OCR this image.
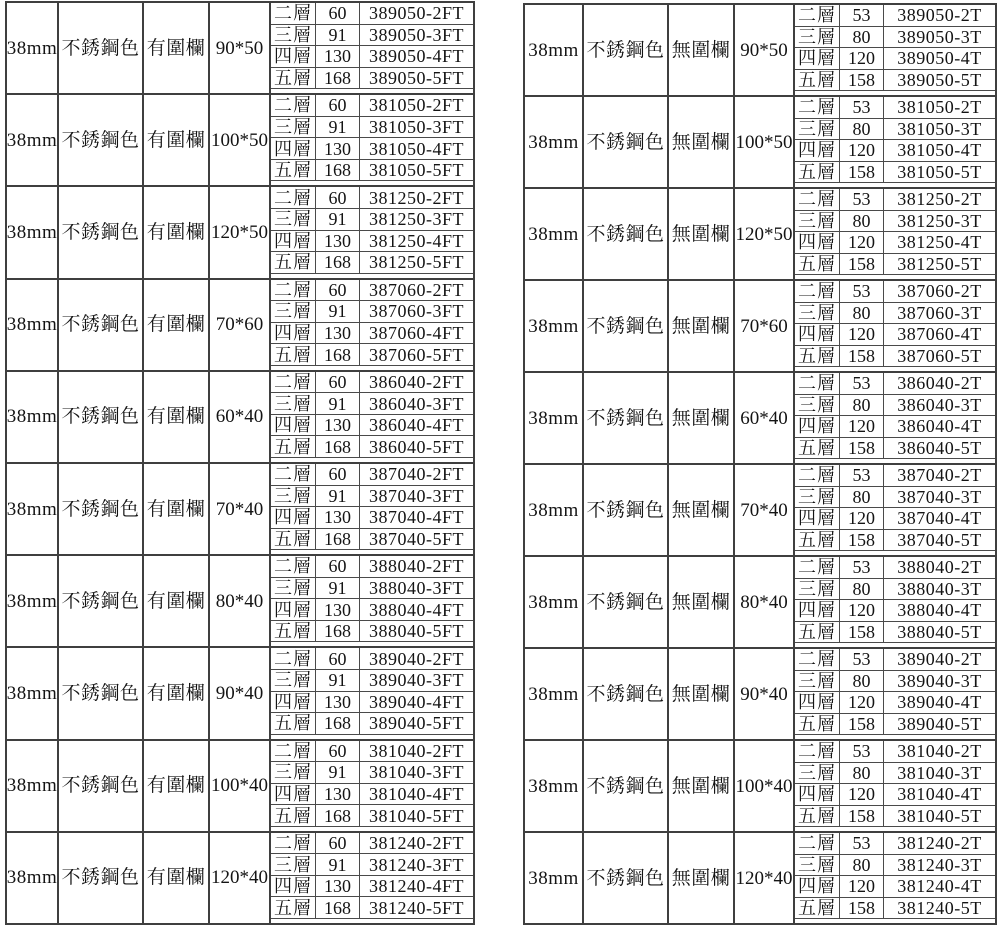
38mm 不銹鋼色 有圍欄 90*50
二層 60	389050-2FT
三層 91	389050-3FT
四層 130	389050-4FT
五層 168	389050-5FT
38mm 不銹鋼色 有圍欄 100*50
二層 60	381050-2FT
三層 91	381050-3FT
四層 130	381050-4FT
五層 168	381050-5FT
38mm 不銹鋼色 有圍欄 120*50
二層 60	381250-2FT
三層 91	381250-3FT
四層 130	381250-4FT
五層 168	381250-5FT
38mm 不銹鋼色 有圍欄 70*60
二層 60	387060-2FT
三層 91	387060-3FT
四層 130	387060-4FT
五層 168	387060-5FT
38mm 不銹鋼色 有圍欄 60*40
二層 60	386040-2FT
三層 91	386040-3FT
四層 130	386040-4FT
五層 168	386040-5FT
38mm 不銹鋼色 有圍欄 70*40
二層 60	387040-2FT
三層 91	387040-3FT
四層 130	387040-4FT
五層 168	387040-5FT
38mm 不銹鋼色 有圍欄 80*40
二層 60	388040-2FT
三層 91	388040-3FT
四層 130	388040-4FT
五層 168	388040-5FT
38mm 不銹鋼色 有圍欄 90*40
二層 60	389040-2FT
三層 91	389040-3FT
四層 130	389040-4FT
五層 168	389040-5FT
38mm 不銹鋼色 有圍欄 100*40
二層 60	381040-2FT
三層 91	381040-3FT
四層 130	381040-4FT
五層 168	381040-5FT
38mm 不銹鋼色 有圍欄 120*40
二層 60	381240-2FT
三層 91	381240-3FT
四層 130	381240-4FT
五層 168	381240-5FT
38mm 不銹鋼色 無圍欄 90*50
二層 53	389050-2T
三層 80	389050-3T
四層 120	389050-4T
五層 158	389050-5T
38mm 不銹鋼色 無圍欄 100*50
二層 53	381050-2T
三層 80	381050-3T
四層 120	381050-4T
五層 158	381050-5T
38mm 不銹鋼色 無圍欄 120*50
二層 53	381250-2T
三層 80	381250-3T
四層 120	381250-4T
五層 158	381250-5T
38mm 不銹鋼色 無圍欄 70*60
二層 53	387060-2T
三層 80	387060-3T
四層 120	387060-4T
五層 158	387060-5T
38mm 不銹鋼色 無圍欄 60*40
二層 53	386040-2T
三層 80	386040-3T
四層 120	386040-4T
五層 158	386040-5T
38mm 不銹鋼色 無圍欄 70*40
二層 53	387040-2T
三層 80	387040-3T
四層 120	387040-4T
五層 158	387040-5T
38mm 不銹鋼色 無圍欄 80*40
二層 53	388040-2T
三層 80	388040-3T
四層 120	388040-4T
五層 158	388040-5T
38mm 不銹鋼色 無圍欄 90*40
二層 53	389040-2T
三層 80	389040-3T
四層 120	389040-4T
五層 158	389040-5T
38mm 不銹鋼色 無圍欄 100*40
二層 53	381040-2T
三層 80	381040-3T
四層 120	381040-4T
五層 158	381040-5T
38mm 不銹鋼色 無圍欄 120*40
二層 53	381240-2T
三層 80	381240-3T
四層 120	381240-4T
五層 158	381240-5T
